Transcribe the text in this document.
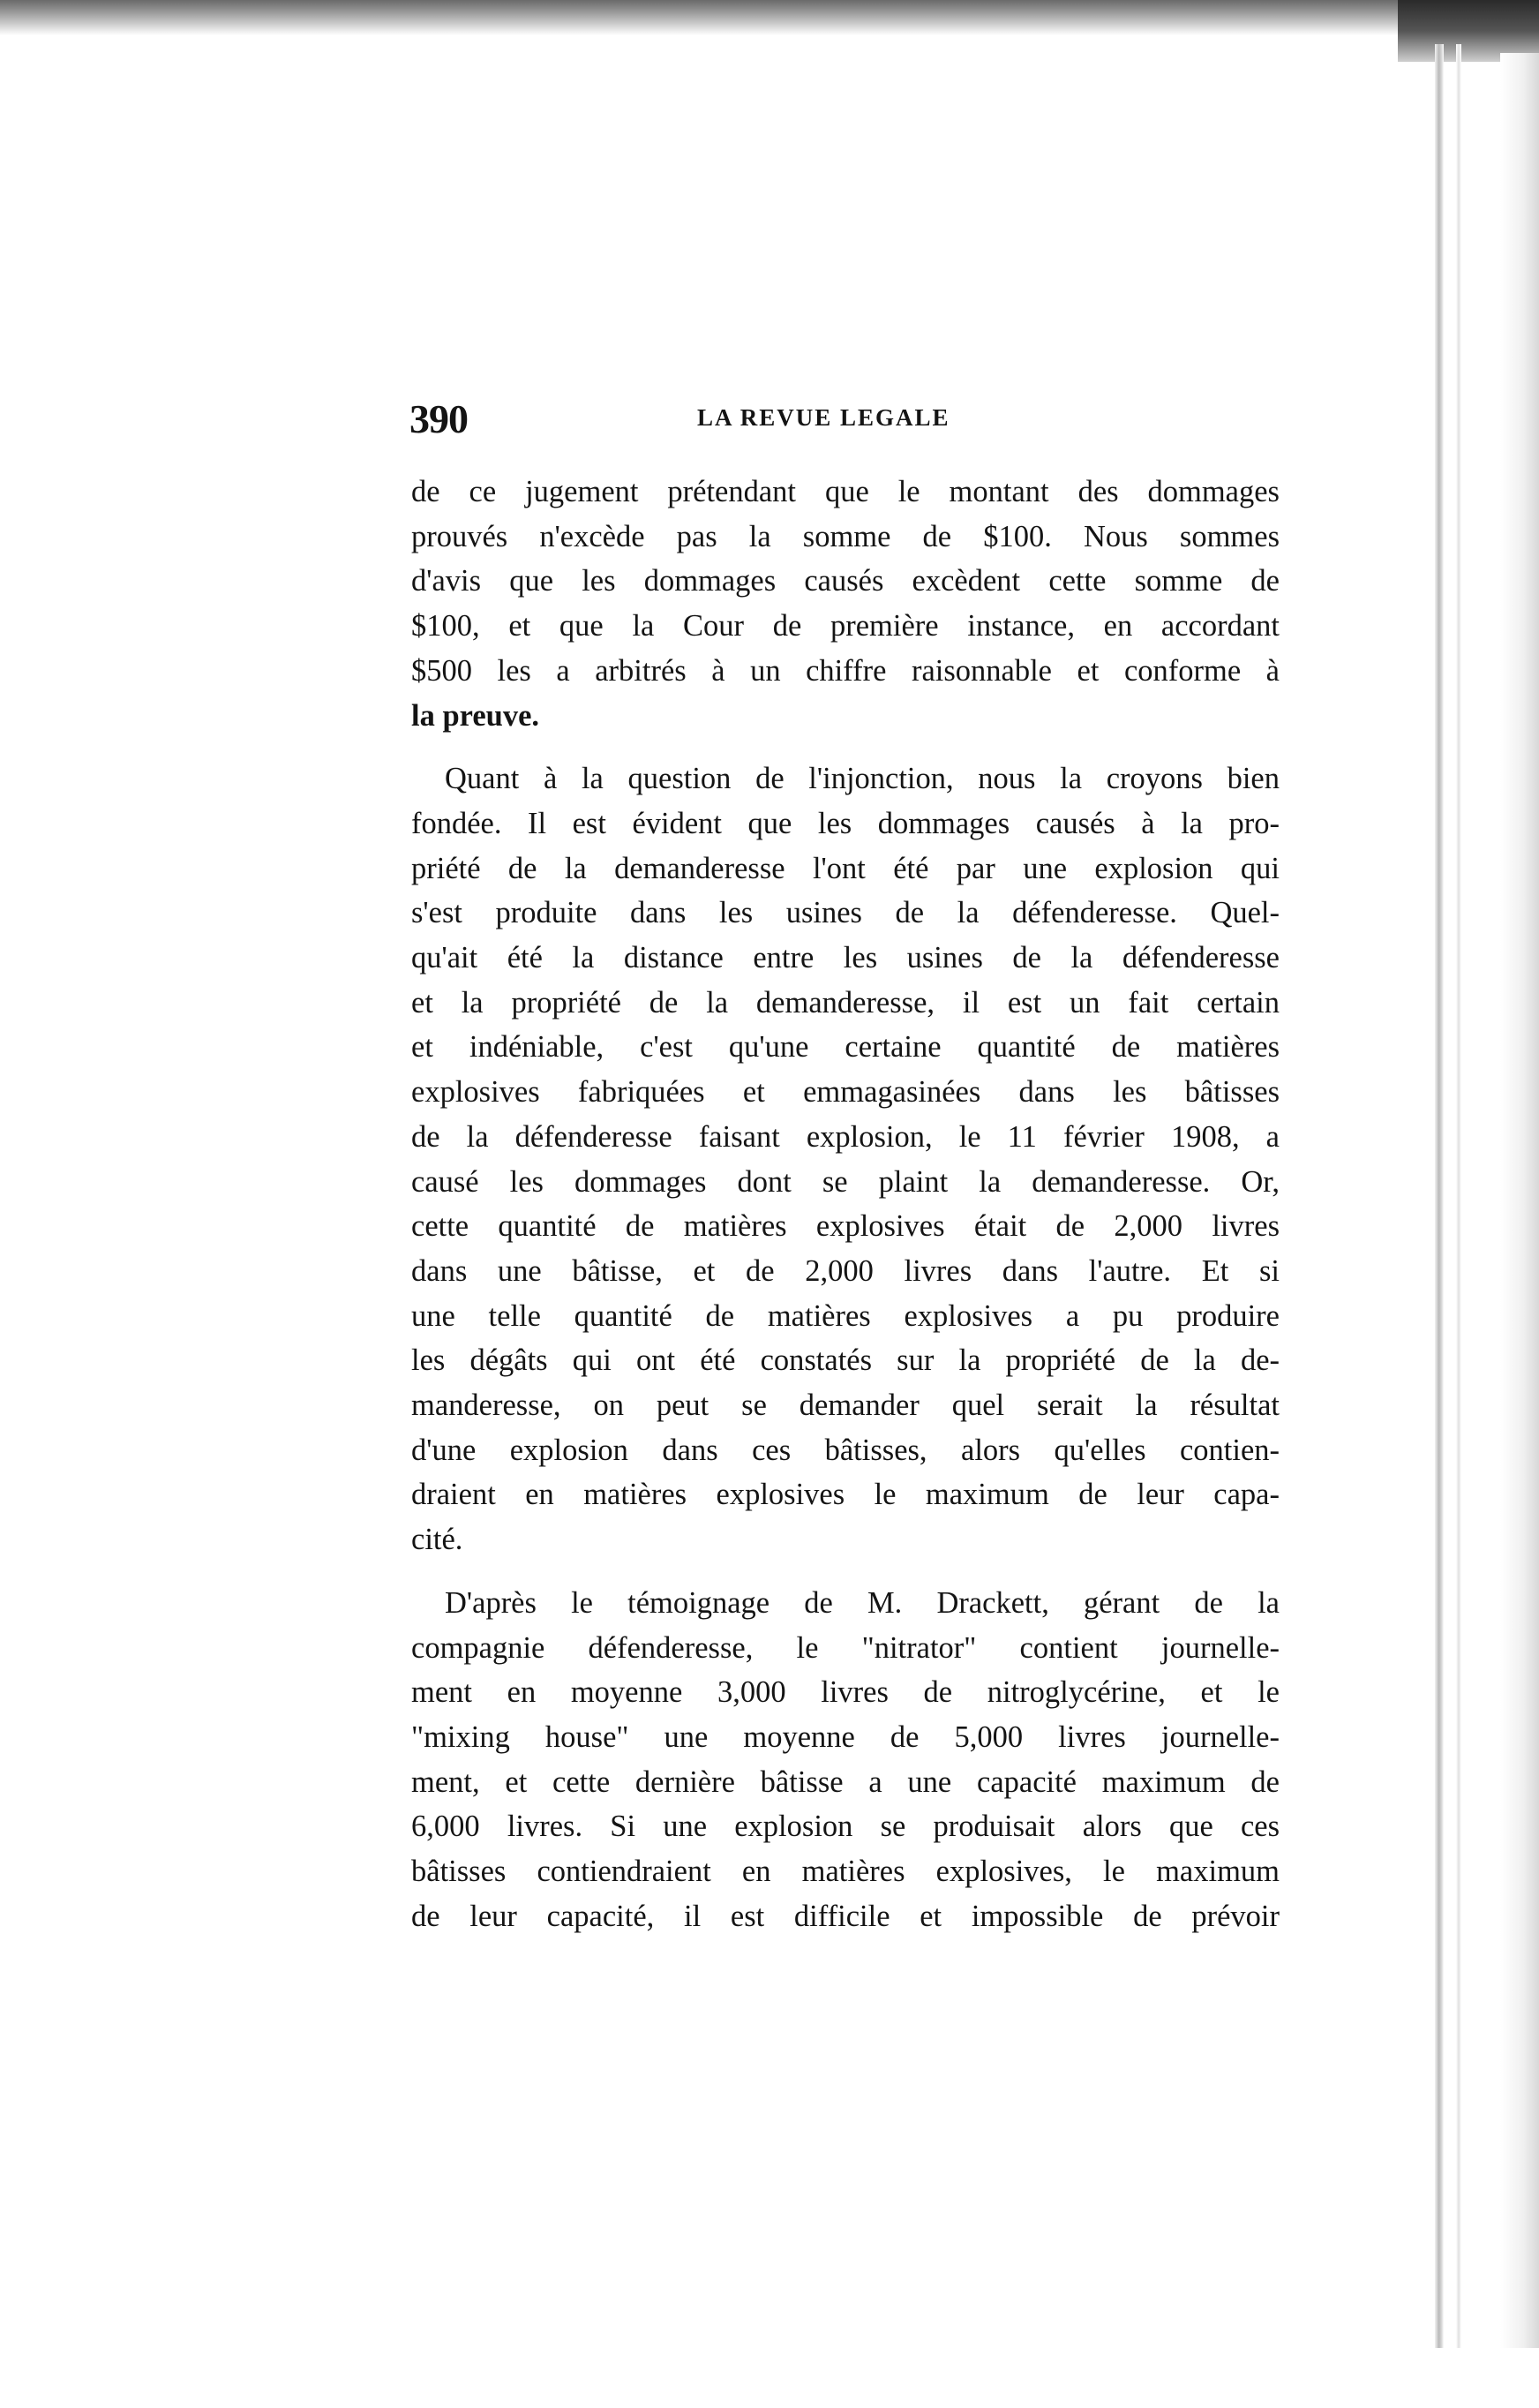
390	LA REVUE LEGALE

de ce jugement prétendant que le montant des dommages
prouvés n'excède pas la somme de $100. Nous sommes
d'avis que les dommages causés excèdent cette somme de
$100, et que la Cour de première instance, en accordant
$500 les a arbitrés à un chiffre raisonnable et conforme à
la preuve.

Quant à la question de l'injonction, nous la croyons bien
fondée. Il est évident que les dommages causés à la pro-
priété de la demanderesse l'ont été par une explosion qui
s'est produite dans les usines de la défenderesse. Quel-
qu'ait été la distance entre les usines de la défenderesse
et la propriété de la demanderesse, il est un fait certain
et indéniable, c'est qu'une certaine quantité de matières
explosives fabriquées et emmagasinées dans les bâtisses
de la défenderesse faisant explosion, le 11 février 1908, a
causé les dommages dont se plaint la demanderesse. Or,
cette quantité de matières explosives était de 2,000 livres
dans une bâtisse, et de 2,000 livres dans l'autre. Et si
une telle quantité de matières explosives a pu produire
les dégâts qui ont été constatés sur la propriété de la de-
manderesse, on peut se demander quel serait la résultat
d'une explosion dans ces bâtisses, alors qu'elles contien-
draient en matières explosives le maximum de leur capa-
cité.

D'après le témoignage de M. Drackett, gérant de la
compagnie défenderesse, le "nitrator" contient journelle-
ment en moyenne 3,000 livres de nitroglycérine, et le
"mixing house" une moyenne de 5,000 livres journelle-
ment, et cette dernière bâtisse a une capacité maximum de
6,000 livres. Si une explosion se produisait alors que ces
bâtisses contiendraient en matières explosives, le maximum
de leur capacité, il est difficile et impossible de prévoir
